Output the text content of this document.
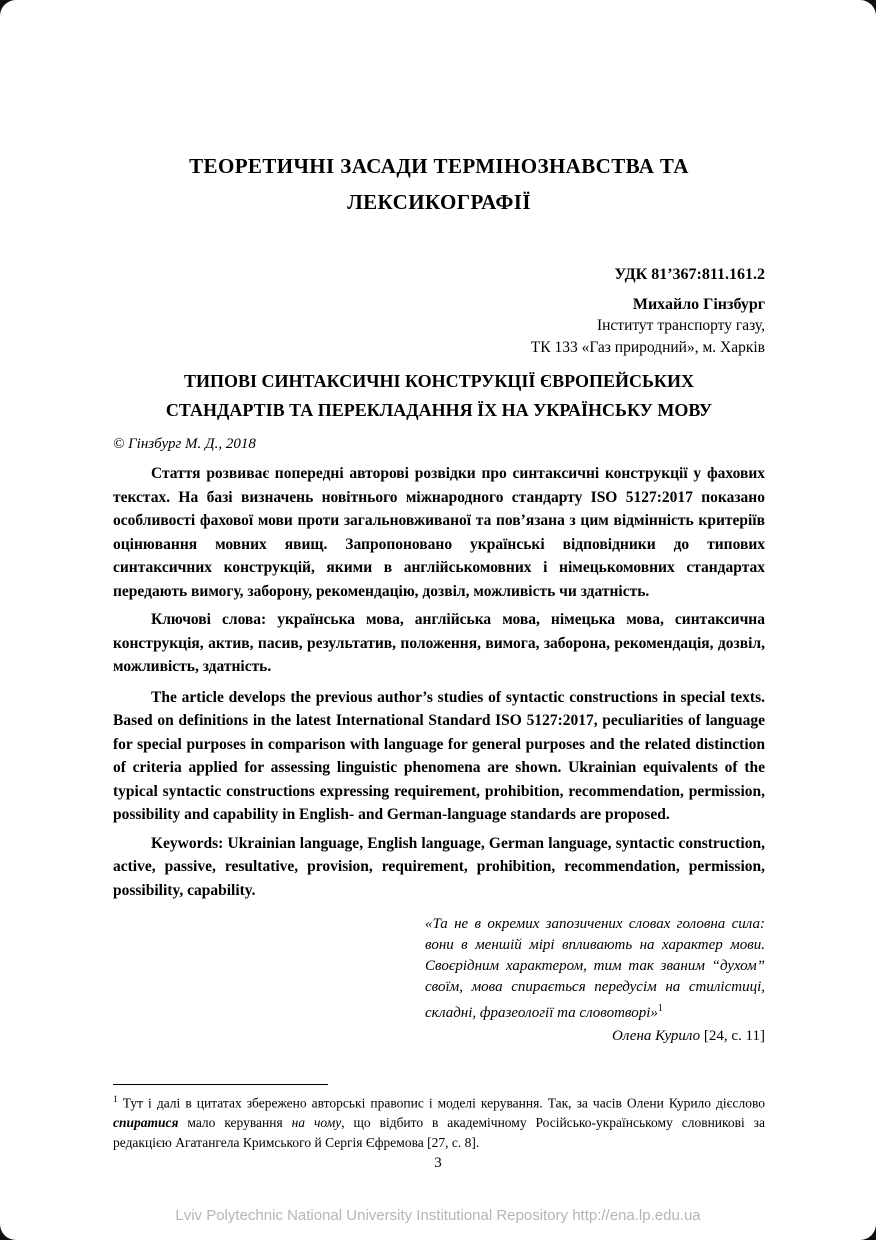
ТЕОРЕТИЧНІ ЗАСАДИ ТЕРМІНОЗНАВСТВА ТА
ЛЕКСИКОГРАФІЇ
УДК 81’367:811.161.2
Михайло Гінзбург
Інститут транспорту газу,
ТК 133 «Газ природний», м. Харків
ТИПОВІ СИНТАКСИЧНІ КОНСТРУКЦІЇ ЄВРОПЕЙСЬКИХ
СТАНДАРТІВ ТА ПЕРЕКЛАДАННЯ ЇХ НА УКРАЇНСЬКУ МОВУ
© Гінзбург М. Д., 2018

Стаття розвиває попередні авторові розвідки про синтаксичні конструкції у фахових текстах. На базі визначень новітнього міжнародного стандарту ISO 5127:2017 показано особливості фахової мови проти загальновживаної та пов’язана з цим відмінність критеріїв оцінювання мовних явищ. Запропоновано українські відповідники до типових синтаксичних конструкцій, якими в англійськомовних і німецькомовних стандартах передають вимогу, заборону, рекомендацію, дозвіл, можливість чи здатність.

Ключові слова: українська мова, англійська мова, німецька мова, синтаксична конструкція, актив, пасив, результатив, положення, вимога, заборона, рекомендація, дозвіл, можливість, здатність.

The article develops the previous author’s studies of syntactic constructions in special texts. Based on definitions in the latest International Standard ISO 5127:2017, peculiarities of language for special purposes in comparison with language for general purposes and the related distinction of criteria applied for assessing linguistic phenomena are shown. Ukrainian equivalents of the typical syntactic constructions expressing requirement, prohibition, recommendation, permission, possibility and capability in English- and German-language standards are proposed.

Keywords: Ukrainian language, English language, German language, syntactic construction, active, passive, resultative, provision, requirement, prohibition, recommendation, permission, possibility, capability.

«Та не в окремих запозичених словах головна сила: вони в меншій мірі впливають на характер мови. Своєрідним характером, тим так званим “духом” своїм, мова спирається передусім на стилістиці, складні, фразеології та словотворі»$^1$
Олена Курило [24, с. 11]

$^1$ Тут і далі в цитатах збережено авторські правопис і моделі керування. Так, за часів Олени Курило дієслово спиратися мало керування на чому, що відбито в академічному Російсько-українському словникові за редакцією Агатангела Кримського й Сергія Єфремова [27, с. 8].

3
Lviv Polytechnic National University Institutional Repository http://ena.lp.edu.ua
